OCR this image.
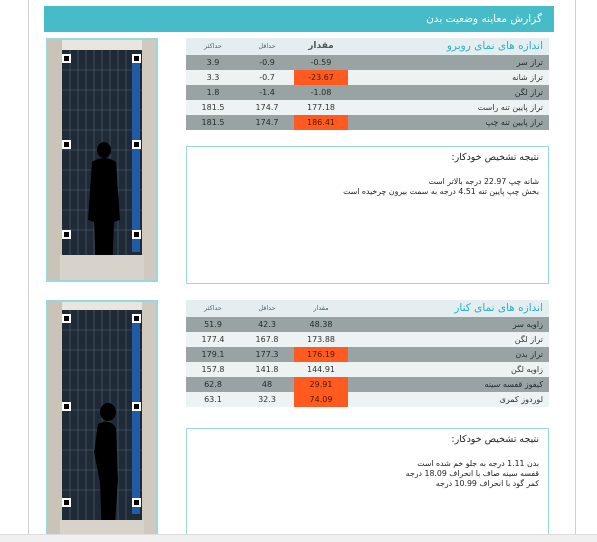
گزارش معاینه وضعیت بدن
حداکثر	حداقل	مقدار	اندازه های نمای روبرو
3.9	-0.9	-0.59	تراز سر
3.3	-0.7	-23.67	تراز شانه
1.8	-1.4	-1.08	تراز لگن
181.5	174.7	177.18	تراز پایین تنه راست
181.5	174.7	186.41	تراز پایین تنه چپ
نتیجه تشخیص خودکار:
شانه چپ 22.97 درجه بالاتر است
بخش چپ پایین تنه 4.51 درجه به سمت بیرون چرخیده است
حداکثر	حداقل	مقدار	اندازه های نمای کنار
51.9	42.3	48.38	زاویه سر
177.4	167.8	173.88	تراز لگن
179.1	177.3	176.19	تراز بدن
157.8	141.8	144.91	زاویه لگن
62.8	48	29.91	کیفوز قفسه سینه
63.1	32.3	74.09	لوردوز کمری
نتیجه تشخیص خودکار:
بدن 1.11 درجه به جلو خم شده است
قفسه سینه صاف با انحراف 18.09 درجه
کمر گود با انحراف 10.99 درجه
